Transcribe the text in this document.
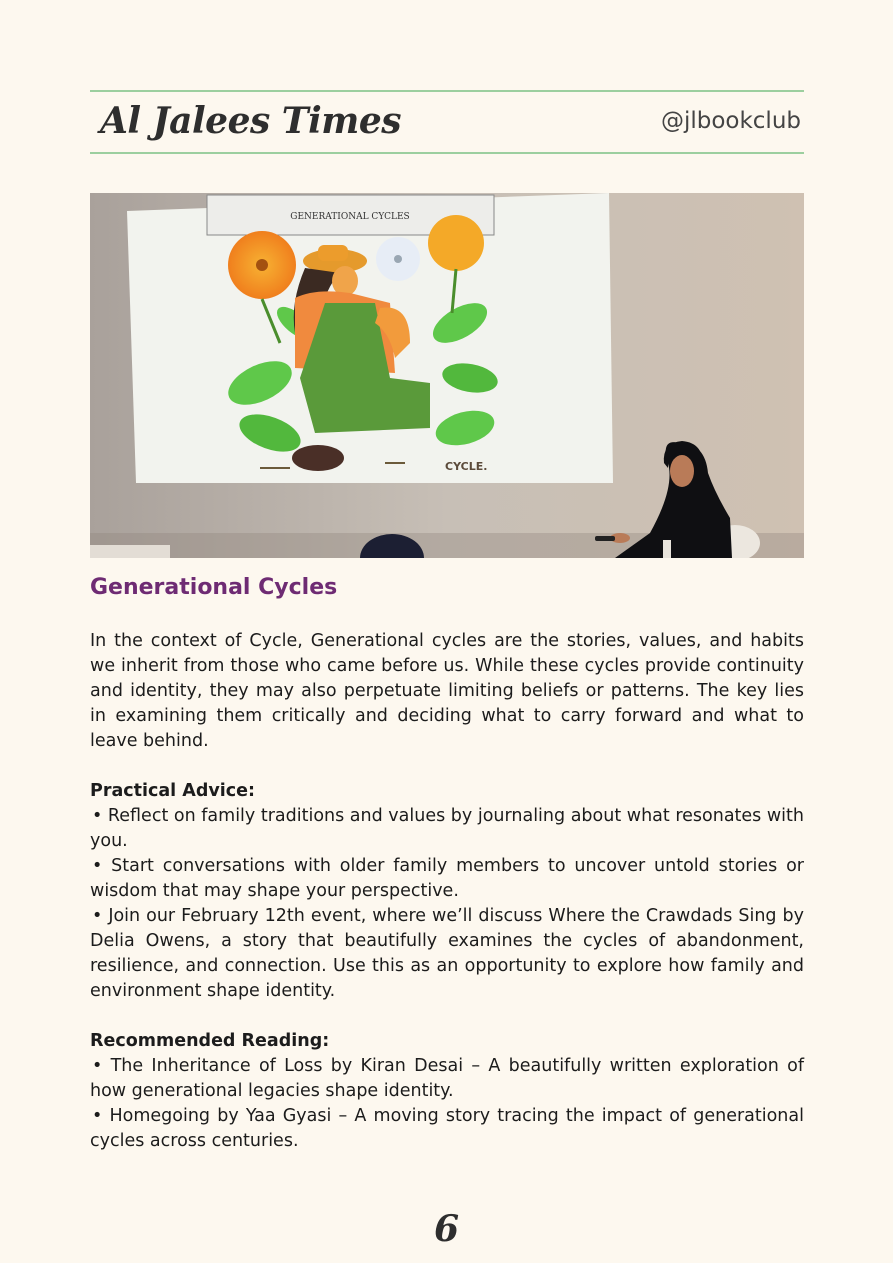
Al Jalees Times	@jlbookclub
GENERATIONAL CYCLES
CYCLE.
Generational Cycles

In the context of Cycle, Generational cycles are the stories, values, and habits we inherit from those who came before us. While these cycles provide continuity and identity, they may also perpetuate limiting beliefs or patterns. The key lies in examining them critically and deciding what to carry forward and what to leave behind.

Practical Advice:

• Reflect on family traditions and values by journaling about what resonates with you.

• Start conversations with older family members to uncover untold stories or wisdom that may shape your perspective.

• Join our February 12th event, where we’ll discuss Where the Crawdads Sing by Delia Owens, a story that beautifully examines the cycles of abandonment, resilience, and connection. Use this as an opportunity to explore how family and environment shape identity.

Recommended Reading:

• The Inheritance of Loss by Kiran Desai – A beautifully written exploration of how generational legacies shape identity.

• Homegoing by Yaa Gyasi – A moving story tracing the impact of generational cycles across centuries.

6
